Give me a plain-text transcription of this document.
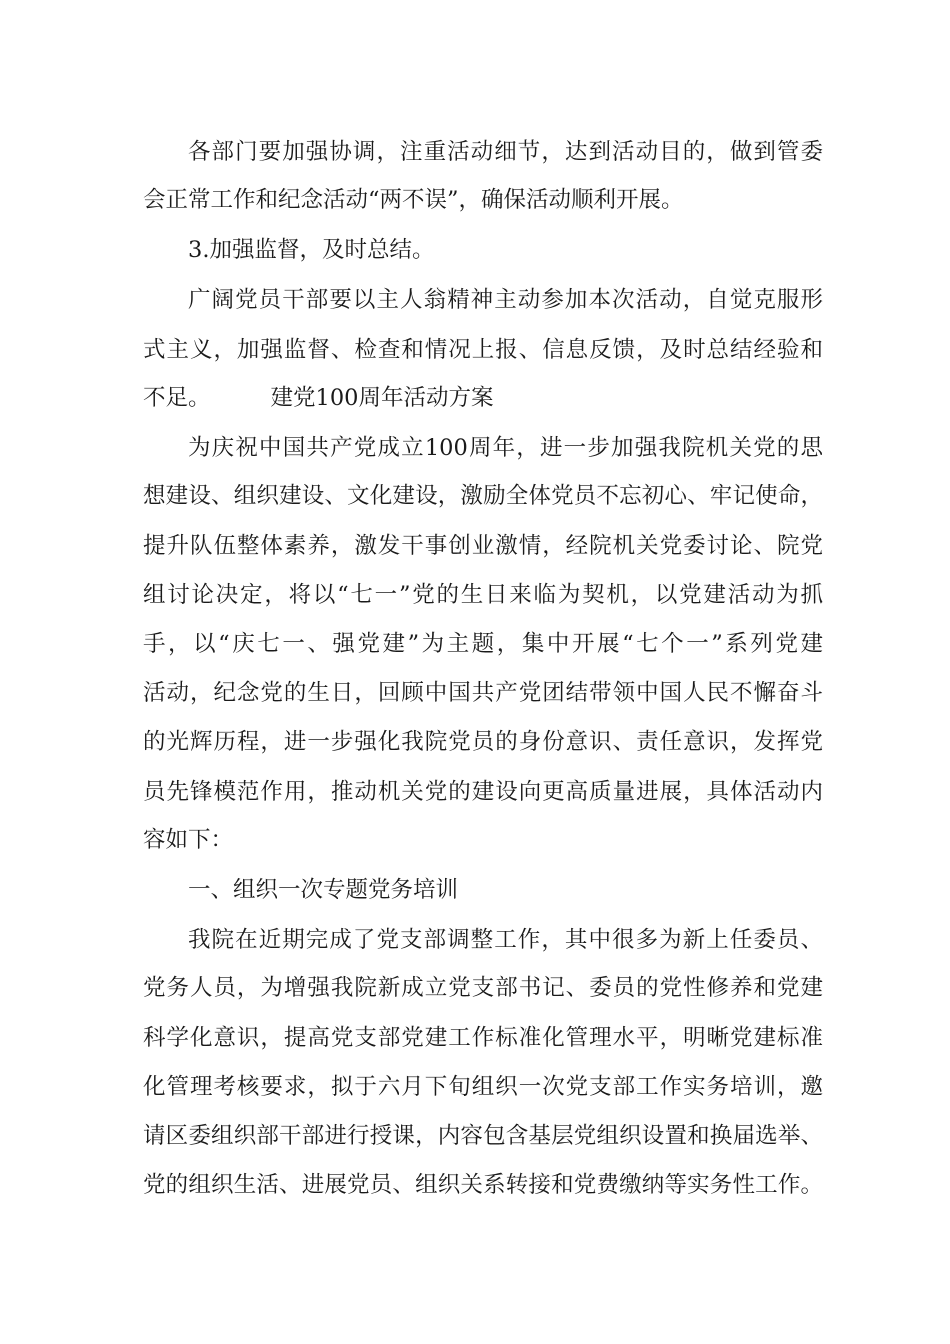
各部门要加强协调，注重活动细节，达到活动目的，做到管委
会正常工作和纪念活动“两不误”，确保活动顺利开展。
3.加强监督，及时总结。
广阔党员干部要以主人翁精神主动参加本次活动，自觉克服形
式主义，加强监督、检查和情况上报、信息反馈，及时总结经验和
不足。	建党100周年活动方案
为庆祝中国共产党成立100周年，进一步加强我院机关党的思
想建设、组织建设、文化建设，激励全体党员不忘初心、牢记使命，
提升队伍整体素养，激发干事创业激情，经院机关党委讨论、院党
组讨论决定，将以“七一”党的生日来临为契机，以党建活动为抓
手，以“庆七一、强党建”为主题，集中开展“七个一”系列党建
活动，纪念党的生日，回顾中国共产党团结带领中国人民不懈奋斗
的光辉历程，进一步强化我院党员的身份意识、责任意识，发挥党
员先锋模范作用，推动机关党的建设向更高质量进展，具体活动内
容如下：
一、组织一次专题党务培训
我院在近期完成了党支部调整工作，其中很多为新上任委员、
党务人员，为增强我院新成立党支部书记、委员的党性修养和党建
科学化意识，提高党支部党建工作标准化管理水平，明晰党建标准
化管理考核要求，拟于六月下旬组织一次党支部工作实务培训，邀
请区委组织部干部进行授课，内容包含基层党组织设置和换届选举、
党的组织生活、进展党员、组织关系转接和党费缴纳等实务性工作。
